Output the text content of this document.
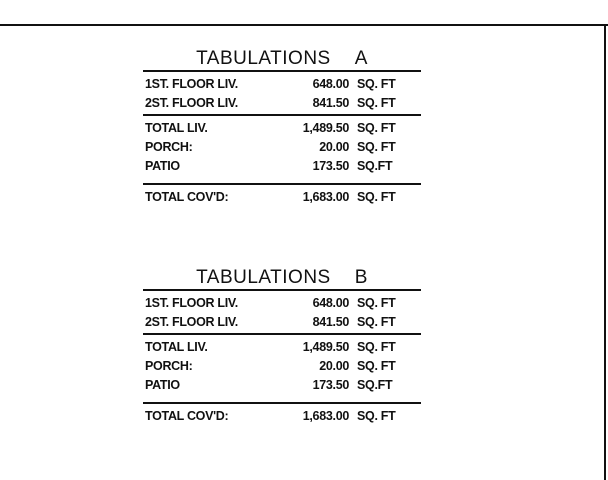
TABULATIONS A
1ST. FLOOR LIV.	648.00 SQ. FT
2ST. FLOOR LIV.	841.50 SQ. FT
TOTAL LIV.	1,489.50 SQ. FT
PORCH:	20.00 SQ. FT
PATIO	173.50 SQ.FT
TOTAL COV'D:	1,683.00 SQ. FT
TABULATIONS B
1ST. FLOOR LIV.	648.00 SQ. FT
2ST. FLOOR LIV.	841.50 SQ. FT
TOTAL LIV.	1,489.50 SQ. FT
PORCH:	20.00 SQ. FT
PATIO	173.50 SQ.FT
TOTAL COV'D:	1,683.00 SQ. FT
